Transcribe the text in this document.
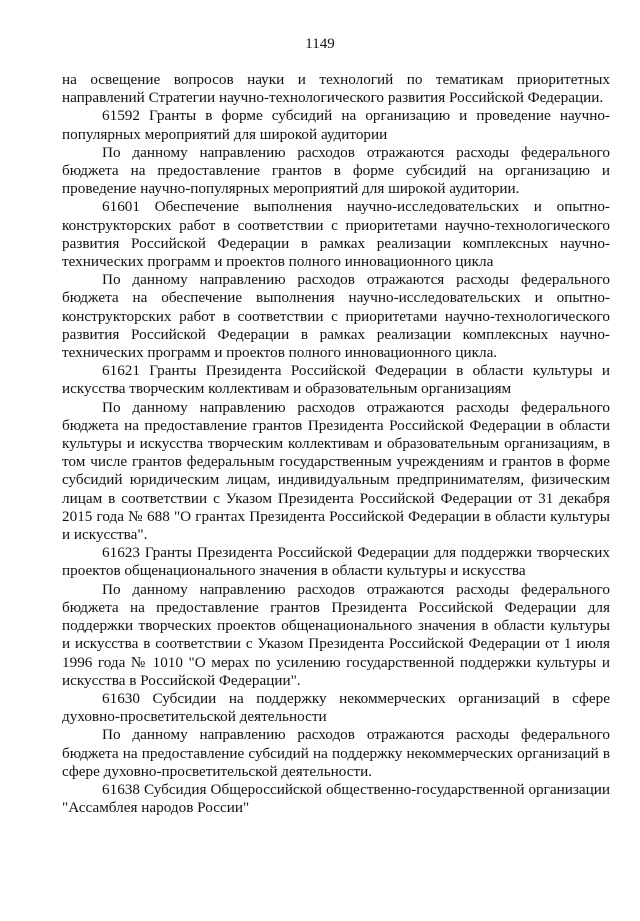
1149

на освещение вопросов науки и технологий по тематикам приоритетных направлений Стратегии научно-технологического развития Российской Федерации.

61592 Гранты в форме субсидий на организацию и проведение научно-популярных мероприятий для широкой аудитории

По данному направлению расходов отражаются расходы федерального бюджета на предоставление грантов в форме субсидий на организацию и проведение научно-популярных мероприятий для широкой аудитории.

61601 Обеспечение выполнения научно-исследовательских и опытно-конструкторских работ в соответствии с приоритетами научно-технологического развития Российской Федерации в рамках реализации комплексных научно-технических программ и проектов полного инновационного цикла

По данному направлению расходов отражаются расходы федерального бюджета на обеспечение выполнения научно-исследовательских и опытно-конструкторских работ в соответствии с приоритетами научно-технологического развития Российской Федерации в рамках реализации комплексных научно-технических программ и проектов полного инновационного цикла.

61621 Гранты Президента Российской Федерации в области культуры и искусства творческим коллективам и образовательным организациям

По данному направлению расходов отражаются расходы федерального бюджета на предоставление грантов Президента Российской Федерации в области культуры и искусства творческим коллективам и образовательным организациям, в том числе грантов федеральным государственным учреждениям и грантов в форме субсидий юридическим лицам, индивидуальным предпринимателям, физическим лицам в соответствии с Указом Президента Российской Федерации от 31 декабря 2015 года № 688 "О грантах Президента Российской Федерации в области культуры и искусства".

61623 Гранты Президента Российской Федерации для поддержки творческих проектов общенационального значения в области культуры и искусства

По данному направлению расходов отражаются расходы федерального бюджета на предоставление грантов Президента Российской Федерации для поддержки творческих проектов общенационального значения в области культуры и искусства в соответствии с Указом Президента Российской Федерации от 1 июля 1996 года № 1010 "О мерах по усилению государственной поддержки культуры и искусства в Российской Федерации".

61630 Субсидии на поддержку некоммерческих организаций в сфере духовно-просветительской деятельности

По данному направлению расходов отражаются расходы федерального бюджета на предоставление субсидий на поддержку некоммерческих организаций в сфере духовно-просветительской деятельности.

61638 Субсидия Общероссийской общественно-государственной организации "Ассамблея народов России"
